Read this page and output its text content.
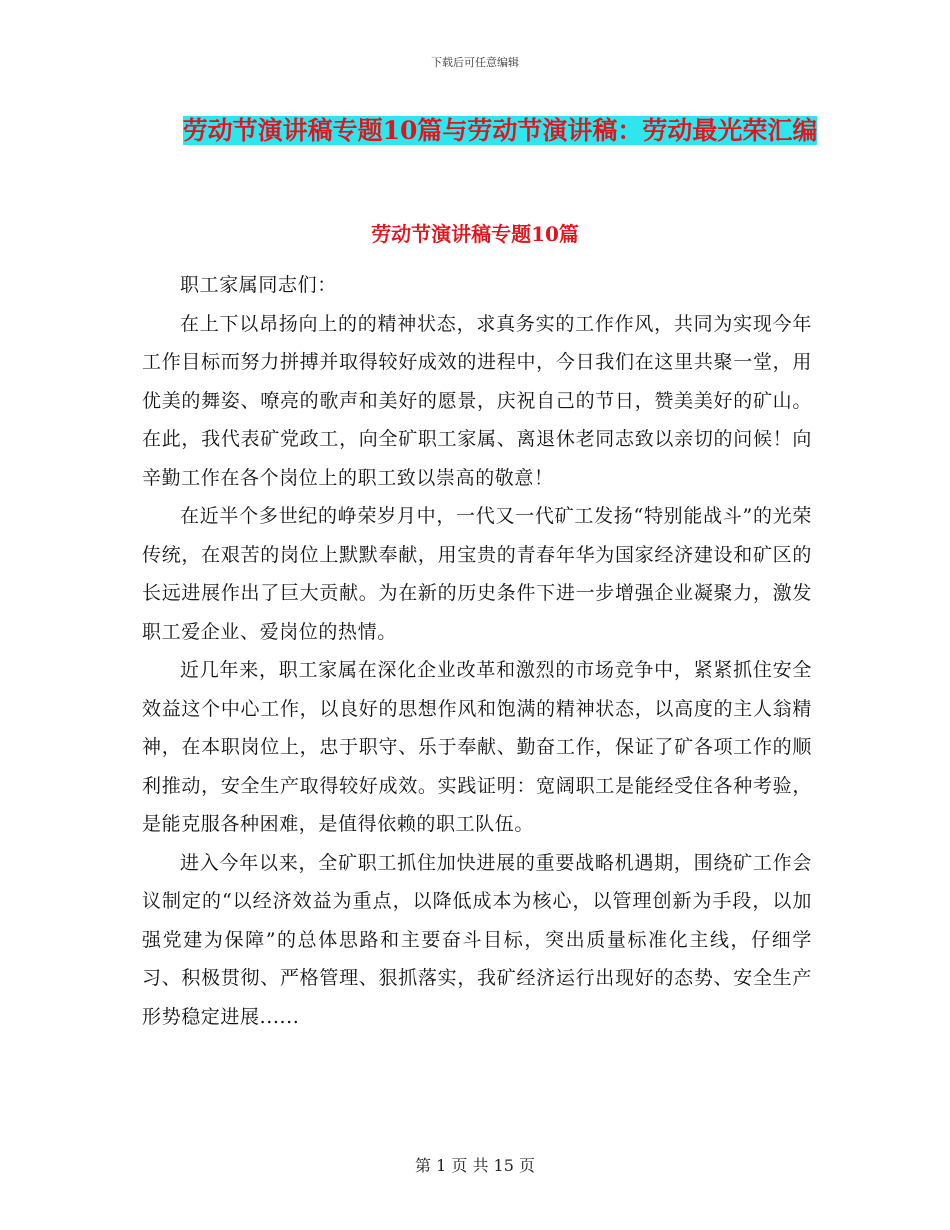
下载后可任意编辑
劳动节演讲稿专题10篇与劳动节演讲稿：劳动最光荣汇编
劳动节演讲稿专题10篇

职工家属同志们：

在上下以昂扬向上的的精神状态，求真务实的工作作风，共同为实现今年工作目标而努力拼搏并取得较好成效的进程中，今日我们在这里共聚一堂，用优美的舞姿、嘹亮的歌声和美好的愿景，庆祝自己的节日，赞美美好的矿山。在此，我代表矿党政工，向全矿职工家属、离退休老同志致以亲切的问候！向辛勤工作在各个岗位上的职工致以崇高的敬意！

在近半个多世纪的峥荣岁月中，一代又一代矿工发扬“特别能战斗”的光荣传统，在艰苦的岗位上默默奉献，用宝贵的青春年华为国家经济建设和矿区的长远进展作出了巨大贡献。为在新的历史条件下进一步增强企业凝聚力，激发职工爱企业、爱岗位的热情。

近几年来，职工家属在深化企业改革和激烈的市场竞争中，紧紧抓住安全效益这个中心工作，以良好的思想作风和饱满的精神状态，以高度的主人翁精神，在本职岗位上，忠于职守、乐于奉献、勤奋工作，保证了矿各项工作的顺利推动，安全生产取得较好成效。实践证明：宽阔职工是能经受住各种考验，是能克服各种困难，是值得依赖的职工队伍。

进入今年以来，全矿职工抓住加快进展的重要战略机遇期，围绕矿工作会议制定的“以经济效益为重点，以降低成本为核心，以管理创新为手段，以加强党建为保障”的总体思路和主要奋斗目标，突出质量标准化主线，仔细学习、积极贯彻、严格管理、狠抓落实，我矿经济运行出现好的态势、安全生产形势稳定进展......

第 1 页 共 15 页
